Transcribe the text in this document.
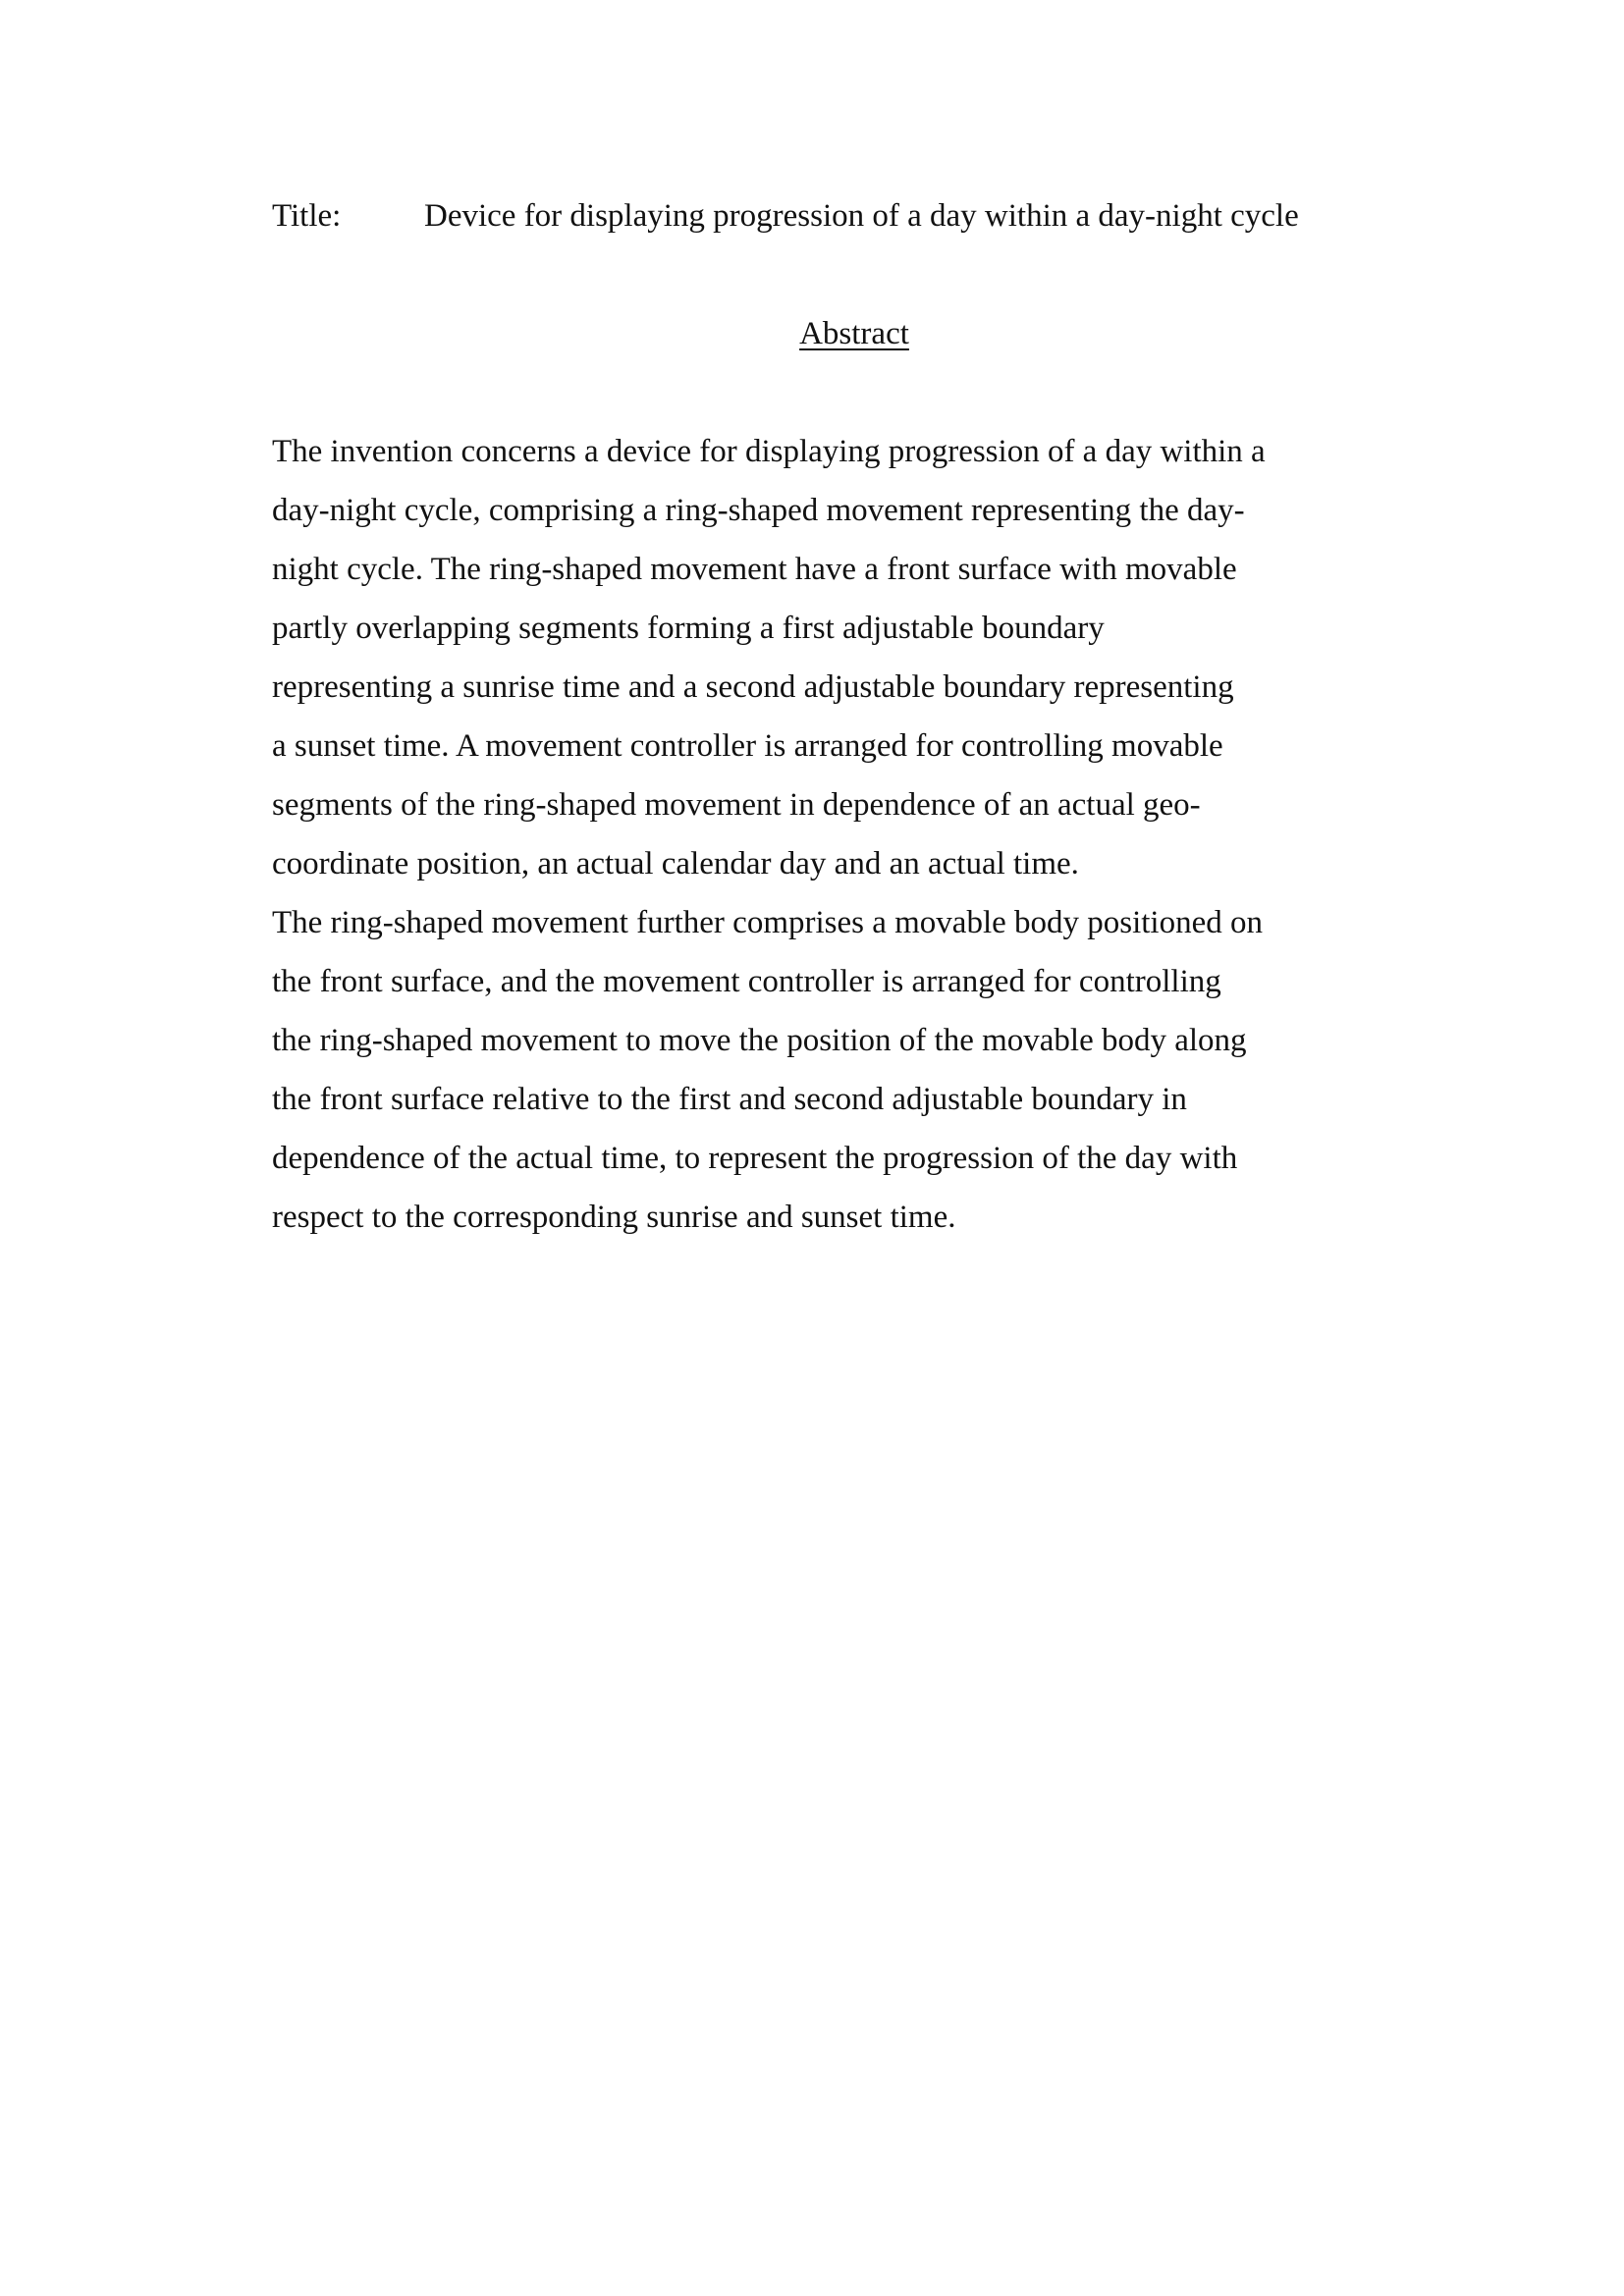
Title:	Device for displaying progression of a day within a day-night cycle
Abstract
The invention concerns a device for displaying progression of a day within a
day-night cycle, comprising a ring-shaped movement representing the day-
night cycle. The ring-shaped movement have a front surface with movable
partly overlapping segments forming a first adjustable boundary
representing a sunrise time and a second adjustable boundary representing
a sunset time. A movement controller is arranged for controlling movable
segments of the ring-shaped movement in dependence of an actual geo-
coordinate position, an actual calendar day and an actual time.
The ring-shaped movement further comprises a movable body positioned on
the front surface, and the movement controller is arranged for controlling
the ring-shaped movement to move the position of the movable body along
the front surface relative to the first and second adjustable boundary in
dependence of the actual time, to represent the progression of the day with
respect to the corresponding sunrise and sunset time.
